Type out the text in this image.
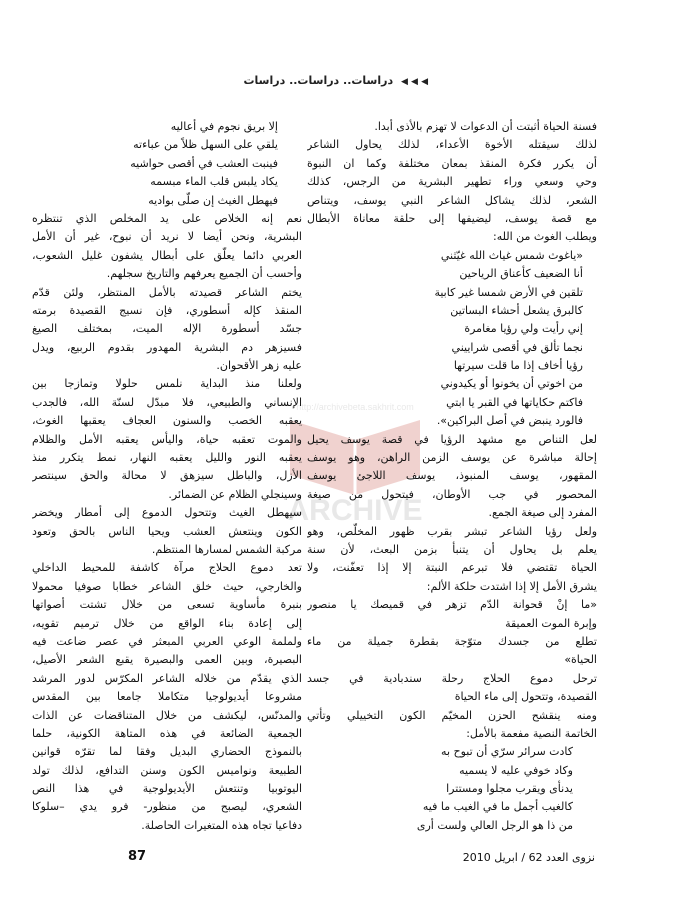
◀ ◀ ◀ دراسات.. دراسات.. دراسات
ARCHIVE
http://archivebeta.sakhrit.com
فسنة الحياة أثبتت أن الدعوات لا تهزم بالأذى أبدا.
لذلك سيقتله الأخوة الأعداء، لذلك يحاول الشاعر
أن يكرر فكرة المنقذ بمعان مختلفة وكما ان النبوة
وحي وسعي وراء تطهير البشرية من الرجس، كذلك
الشعر، لذلك يشاكل الشاعر النبي يوسف، ويتناص
مع قصة يوسف، ليضيفها إلى حلقة معاناة الأبطال
ويطلب الغوث من الله:
«ياغوث شمس غياث الله غيّثني
أنا الضعيف كأعناق الرياحين
تلقين في الأرض شمسا غير كابية
كالبرق يشعل أحشاء البساتين
إني رأيت ولي رؤيا مغامرة
نجما تألق في أقصى شراييني
رؤيا أخاف إذا ما قلت سيرتها
من اخوتي أن يخونوا أو يكيدوني
فاكتم حكاياتها في القبر يا ابتي
فالورد ينبض في أصل البراكين».
لعل التناص مع مشهد الرؤيا في قصة يوسف يحيل
إحالة مباشرة عن يوسف الزمن الراهن، وهو يوسف
المقهور، يوسف المنبوذ، يوسف اللاجئ يوسف
المحصور في جب الأوطان، فيتحول من صيغة
المفرد إلى صيغة الجمع.
ولعل رؤيا الشاعر تبشر بقرب ظهور المخلّص، وهو
يعلم بل يحاول أن يتنبأ بزمن البعث، لأن سنة
الحياة تقتضي فلا تبرعم النبتة إلا إذا تعفّنت، ولا
يشرق الأمل إلا إذا اشتدت حلكة الألم:
«ما إنْ قحوانة الدّم تزهر في قميصك يا منصور
وإبرة الموت العميقة
تطلع من جسدك متوّجة بقطرة جميلة من ماء
الحياة»
ترحل دموع الحلاج رحلة سندبادية في جسد
القصيدة، وتتحول إلى ماء الحياة
ومنه ينقشح الحزن المخيّم الكون التخييلي وتأتي
الخاتمة النصية مفعمة بالأمل:
كادت سرائر سرّي أن تبوح به
وكاد خوفي عليه لا يسميه
يدنأى ويقرب مجلوا ومستترا
كالغيب أجمل ما في الغيب ما فيه
من ذا هو الرجل العالي ولست أرى
إلا بريق نجوم في أعاليه
يلقي على السهل ظلاً من عباءته
فينبت العشب في أقصى حواشيه
يكاد يلبس قلب الماء مبسمه
فيهطل الغيث إن صلّى بواديه
نعم إنه الخلاص على يد المخلص الذي تنتظره
البشرية، ونحن أيضا لا نريد أن نبوح، غير أن الأمل
العربي دائما يعلّق على أبطال يشفون غليل الشعوب،
وأحسب أن الجميع يعرفهم والتاريخ سجلهم.
يختم الشاعر قصيدته بالأمل المنتظر، ولئن قدّم
المنقذ كإله أسطوري، فإن نسيج القصيدة برمته
جسّد أسطورة الإله الميت، بمختلف الصيغ
فسيزهر دم البشرية المهدور بقدوم الربيع، ويدل
عليه زهر الأقحوان.
ولعلنا منذ البداية نلمس حلولا وتمازجا بين
الإنساني والطبيعي، فلا مبدّل لسنّة الله، فالجدب
يعقبه الخصب والسنون العجاف يعقبها الغوث،
والموت تعقبه حياة، واليأس يعقبه الأمل والظلام
يعقبه النور والليل يعقبه النهار، نمط يتكرر منذ
الأزل، والباطل سيزهق لا محالة والحق سينتصر
وسينجلي الظلام عن الضمائر.
سيهطل الغيث وتتحول الدموع إلى أمطار ويخضر
الكون وينتعش العشب ويحيا الناس بالحق وتعود
مركبة الشمس لمسارها المنتظم.
تعد دموع الحلاج مرآة كاشفة للمحيط الداخلي
والخارجي، حيث خلق الشاعر خطابا صوفيا محمولا
بنبرة مأساوية تسعى من خلال تشتت أصواتها
إلى إعادة بناء الواقع من خلال ترميم تقويه،
ولملمة الوعي العربي المبعثر في عصر ضاعت فيه
البصيرة، وبين العمى والبصيرة يقبع الشعر الأصيل،
الذي يقدّم من خلاله الشاعر المكرّس لدور المرشد
مشروعا أيديولوجيا متكاملا جامعا بين المقدس
والمدنّس، ليكشف من خلال المتناقضات عن الذات
الجمعية الضائعة في هذه المتاهة الكونية، حلما
بالنموذج الحضاري البديل وفقا لما تقرّه قوانين
الطبيعة ونواميس الكون وسنن التدافع، لذلك تولد
اليوتوبيا وتنتعش الأيديولوجية في هذا النص
الشعري، ليصبح من منظور- فرو يدي –سلوكا
دفاعيا تجاه هذه المتغيرات الحاصلة.
نزوى العدد 62 / ابريل 2010
87
